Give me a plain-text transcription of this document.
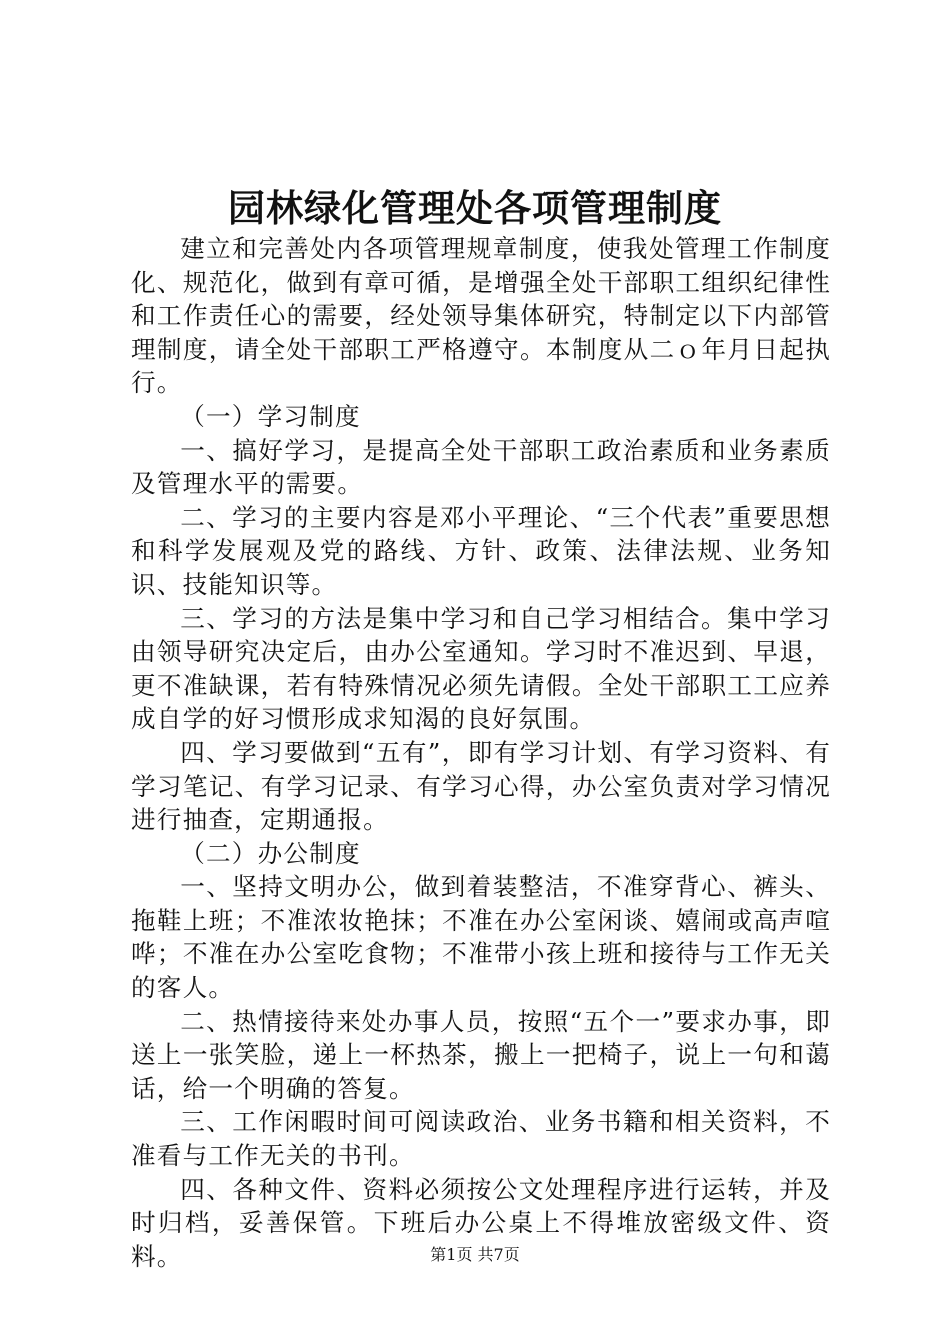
园林绿化管理处各项管理制度

建立和完善处内各项管理规章制度，使我处管理工作制度化、规范化，做到有章可循，是增强全处干部职工组织纪律性和工作责任心的需要，经处领导集体研究，特制定以下内部管理制度，请全处干部职工严格遵守。本制度从二ｏ年月日起执行。

（一）学习制度

一、搞好学习，是提高全处干部职工政治素质和业务素质及管理水平的需要。

二、学习的主要内容是邓小平理论、“三个代表”重要思想和科学发展观及党的路线、方针、政策、法律法规、业务知识、技能知识等。

三、学习的方法是集中学习和自己学习相结合。集中学习由领导研究决定后，由办公室通知。学习时不准迟到、早退，更不准缺课，若有特殊情况必须先请假。全处干部职工工应养成自学的好习惯形成求知渴的良好氛围。

四、学习要做到“五有”，即有学习计划、有学习资料、有学习笔记、有学习记录、有学习心得，办公室负责对学习情况进行抽查，定期通报。

（二）办公制度

一、坚持文明办公，做到着装整洁，不准穿背心、裤头、拖鞋上班；不准浓妆艳抹；不准在办公室闲谈、嬉闹或高声喧哗；不准在办公室吃食物；不准带小孩上班和接待与工作无关的客人。

二、热情接待来处办事人员，按照“五个一”要求办事，即送上一张笑脸，递上一杯热茶，搬上一把椅子，说上一句和蔼话，给一个明确的答复。

三、工作闲暇时间可阅读政治、业务书籍和相关资料，不准看与工作无关的书刊。

四、各种文件、资料必须按公文处理程序进行运转，并及时归档，妥善保管。下班后办公桌上不得堆放密级文件、资料。	第1页 共7页
